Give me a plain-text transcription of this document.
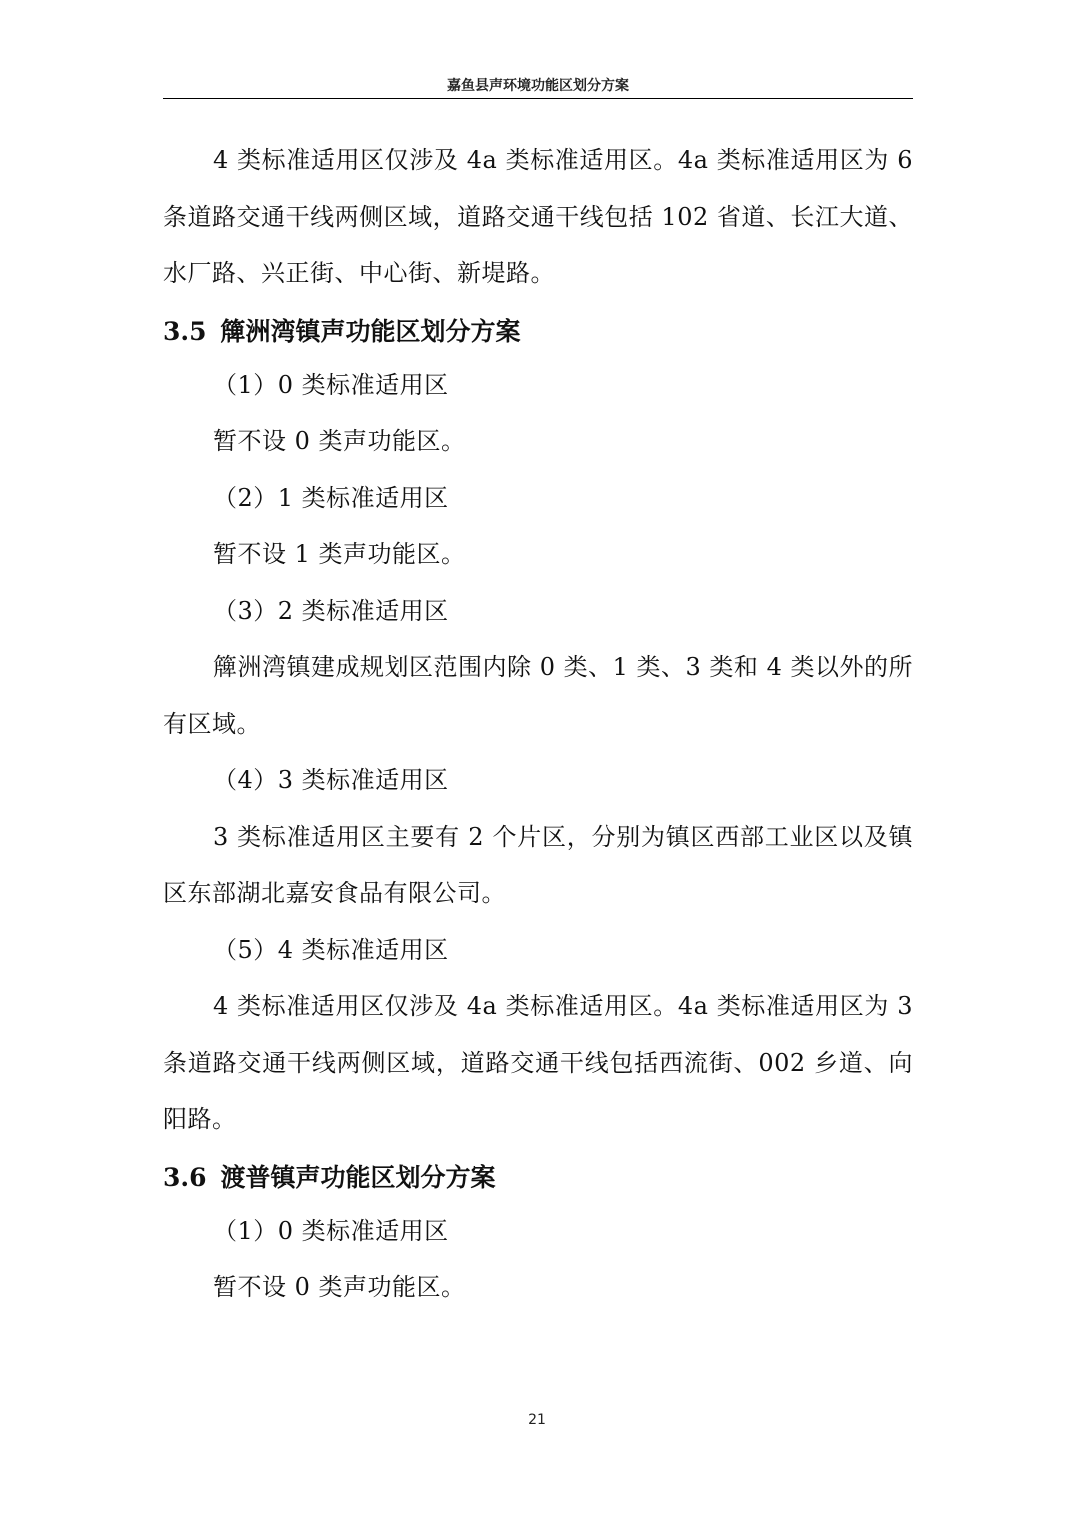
嘉鱼县声环境功能区划分方案

4 类标准适用区仅涉及 4a 类标准适用区。4a 类标准适用区为 6 条道路交通干线两侧区域，道路交通干线包括 102 省道、长江大道、水厂路、兴正街、中心街、新堤路。

3.5 簰洲湾镇声功能区划分方案

（1）0 类标准适用区

暂不设 0 类声功能区。

（2）1 类标准适用区

暂不设 1 类声功能区。

（3）2 类标准适用区

簰洲湾镇建成规划区范围内除 0 类、1 类、3 类和 4 类以外的所有区域。

（4）3 类标准适用区

3 类标准适用区主要有 2 个片区，分别为镇区西部工业区以及镇区东部湖北嘉安食品有限公司。

（5）4 类标准适用区

4 类标准适用区仅涉及 4a 类标准适用区。4a 类标准适用区为 3 条道路交通干线两侧区域，道路交通干线包括西流街、002 乡道、向阳路。

3.6 渡普镇声功能区划分方案

（1）0 类标准适用区

暂不设 0 类声功能区。

21
